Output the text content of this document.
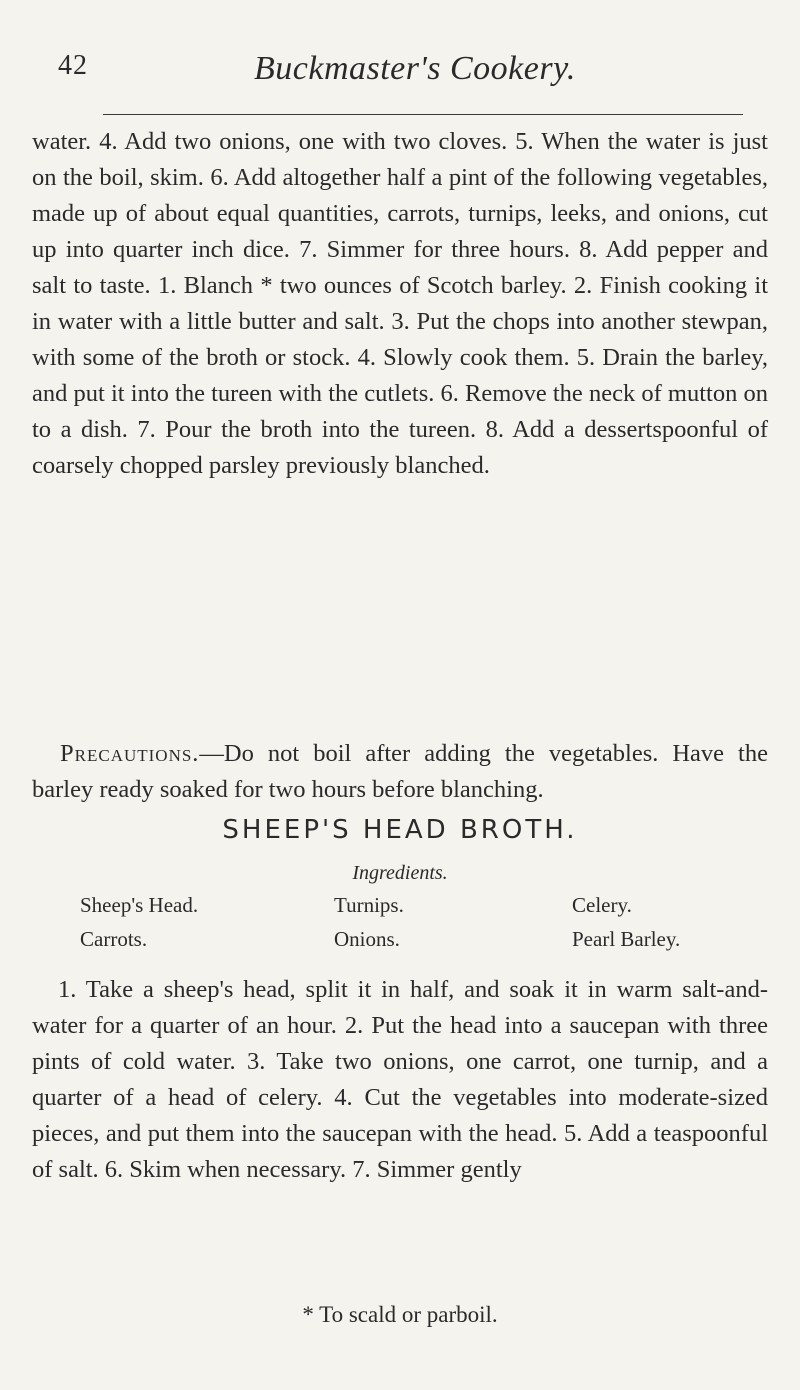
42	Buckmaster's Cookery.

water. 4. Add two onions, one with two cloves. 5. When the water is just on the boil, skim. 6. Add altogether half a pint of the following vegetables, made up of about equal quantities, carrots, turnips, leeks, and onions, cut up into quarter inch dice. 7. Simmer for three hours. 8. Add pepper and salt to taste. 1. Blanch * two ounces of Scotch barley. 2. Finish cooking it in water with a little butter and salt. 3. Put the chops into another stewpan, with some of the broth or stock. 4. Slowly cook them. 5. Drain the barley, and put it into the tureen with the cutlets. 6. Remove the neck of mutton on to a dish. 7. Pour the broth into the tureen. 8. Add a dessertspoonful of coarsely chopped parsley previously blanched.

Precautions.—Do not boil after adding the vegetables. Have the barley ready soaked for two hours before blanching.

SHEEP'S HEAD BROTH.
Ingredients.
Sheep's Head.	Turnips.	Celery.
Carrots.	Onions.	Pearl Barley.

1. Take a sheep's head, split it in half, and soak it in warm salt-and-water for a quarter of an hour. 2. Put the head into a saucepan with three pints of cold water. 3. Take two onions, one carrot, one turnip, and a quarter of a head of celery. 4. Cut the vegetables into moderate-sized pieces, and put them into the saucepan with the head. 5. Add a teaspoonful of salt. 6. Skim when necessary. 7. Simmer gently

* To scald or parboil.
